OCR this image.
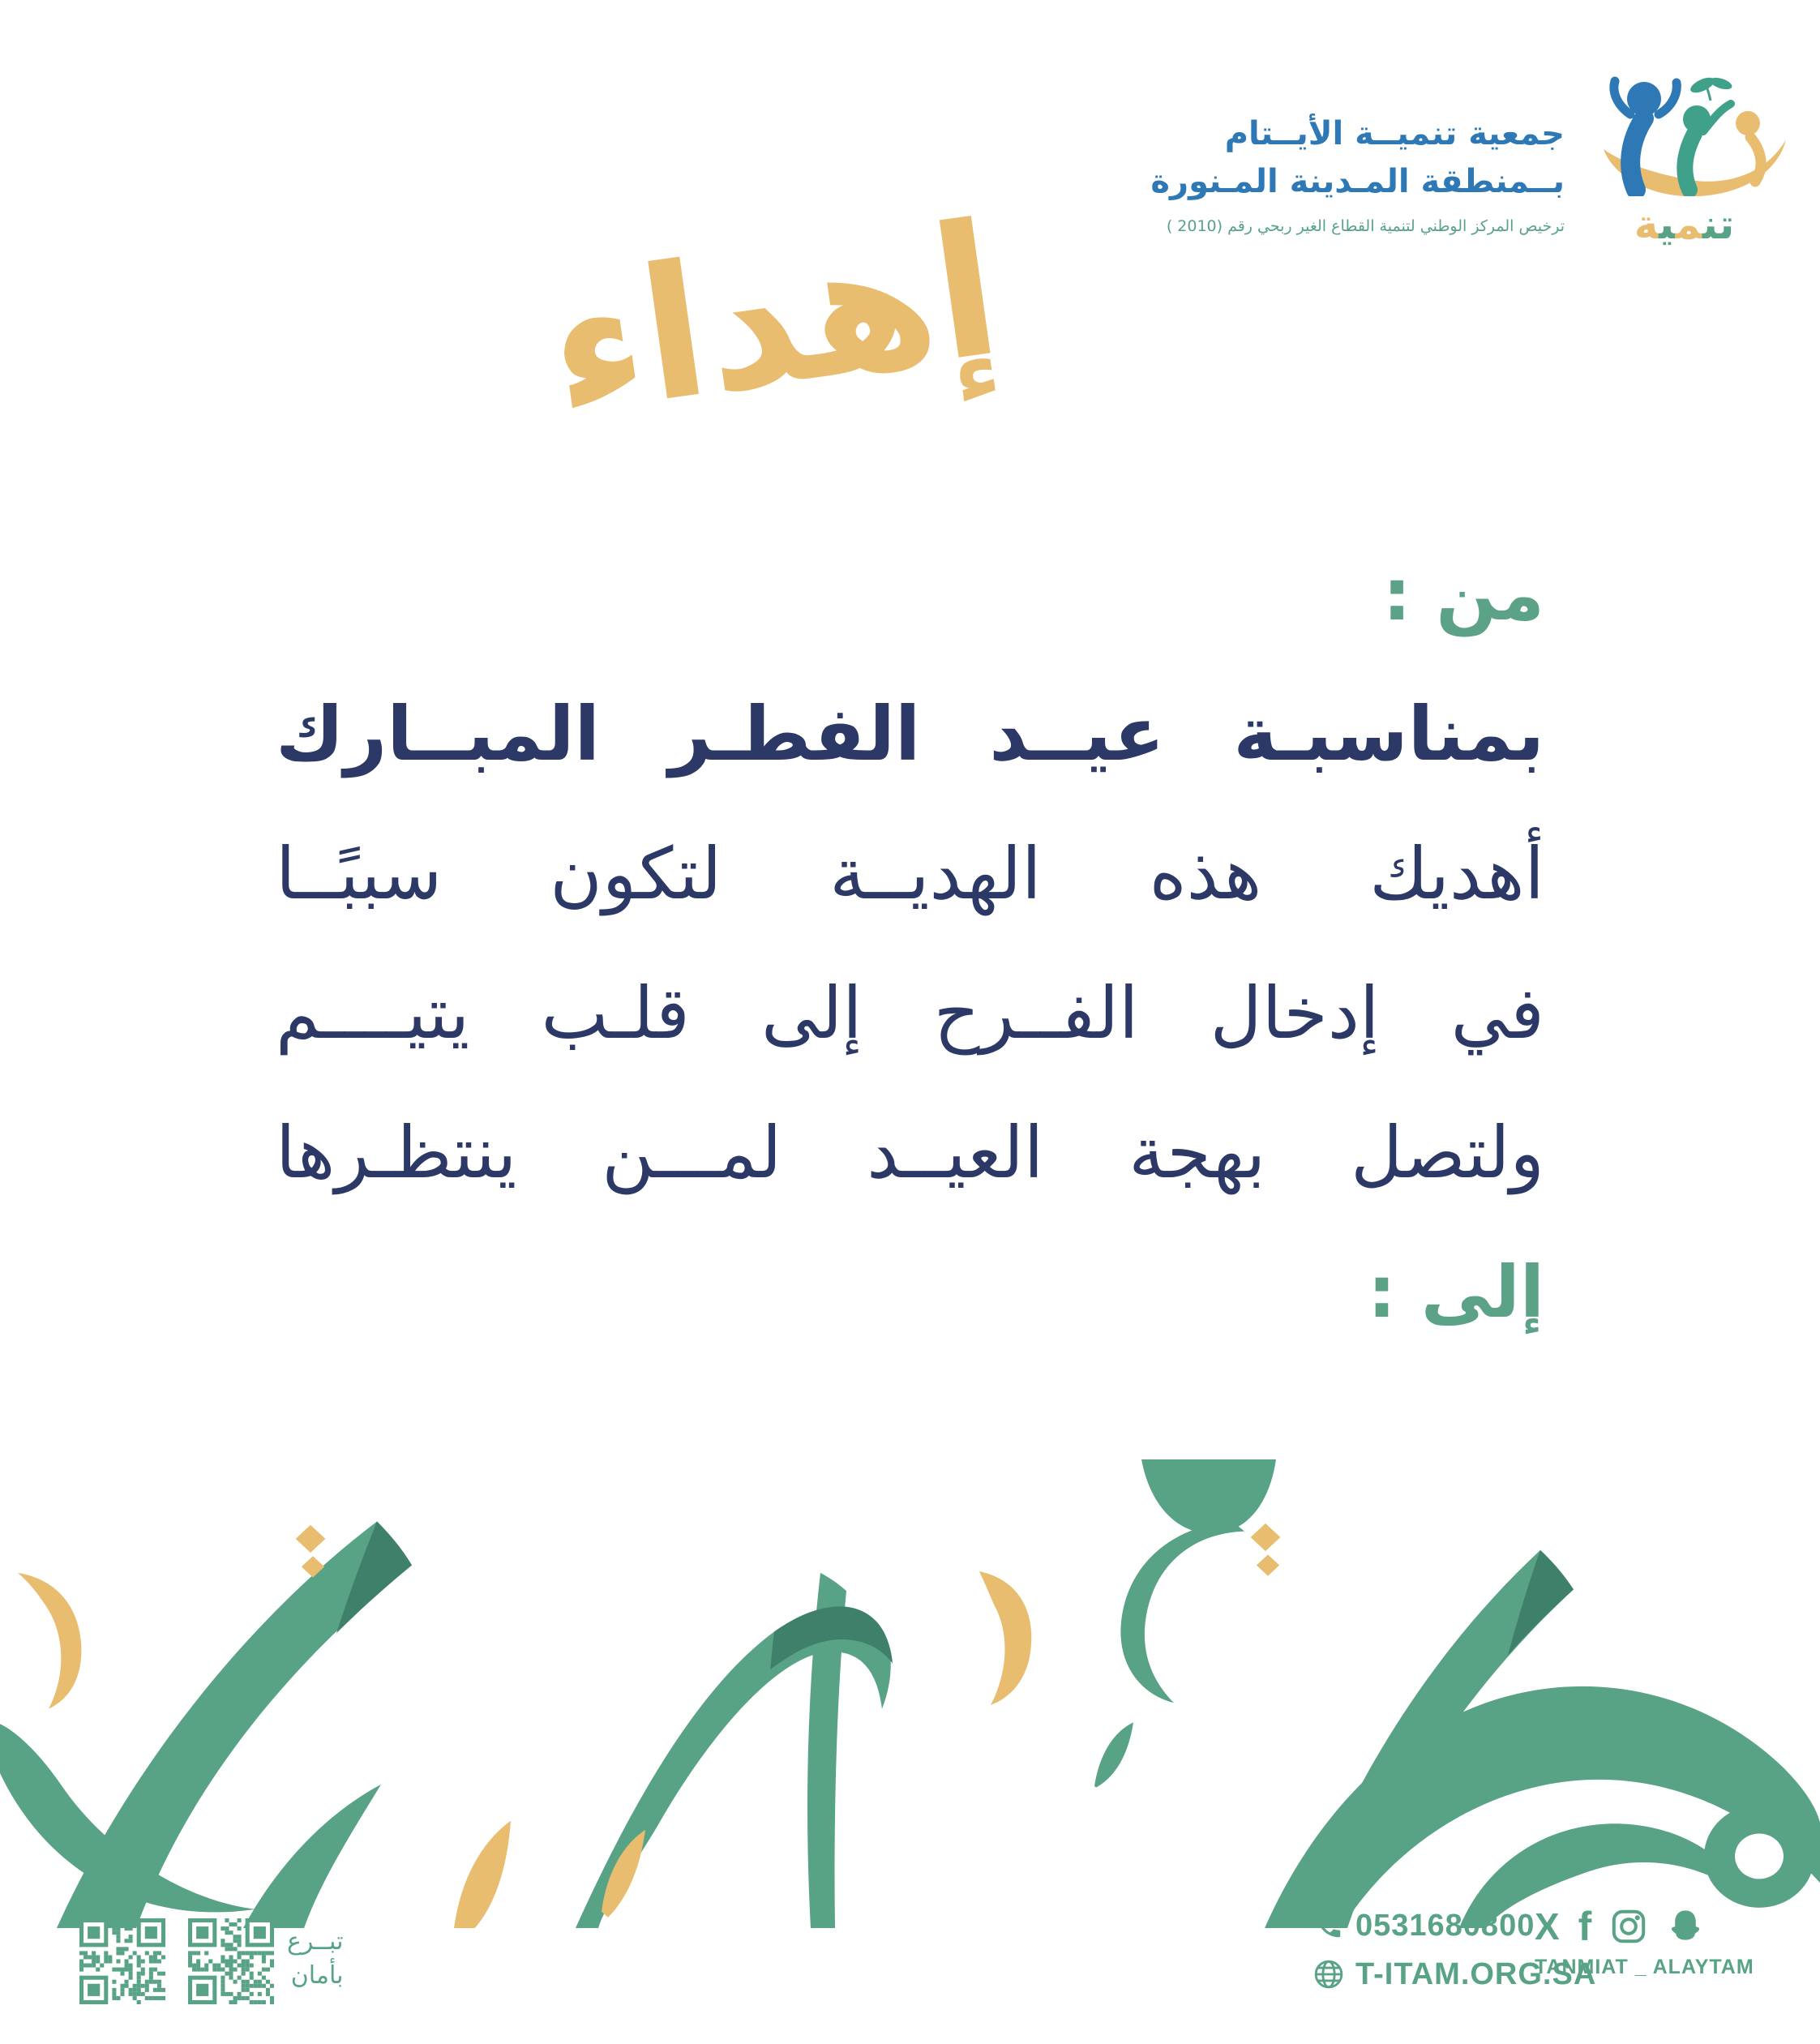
جمعية تنميــة الأيــتام
بــمنطقة المـدينة المـنورة
ترخيص المركز الوطني لتنمية القطاع الغير ربحي رقم (2010 )	تنمية
إهداء
من :
بمناسبـة عيــد الفطـر المبــارك
أهديك هذه الهديــة لتكون سببًــا
في إدخال الفــرح إلى قلـب يتيــــم
ولتصل بهجة العيــد لمـــن ينتظـرها
إلى :
تبــرع
بأمان
0531680800
T-ITAM.ORG.SA
X f
TANMIAT _ ALAYTAM
